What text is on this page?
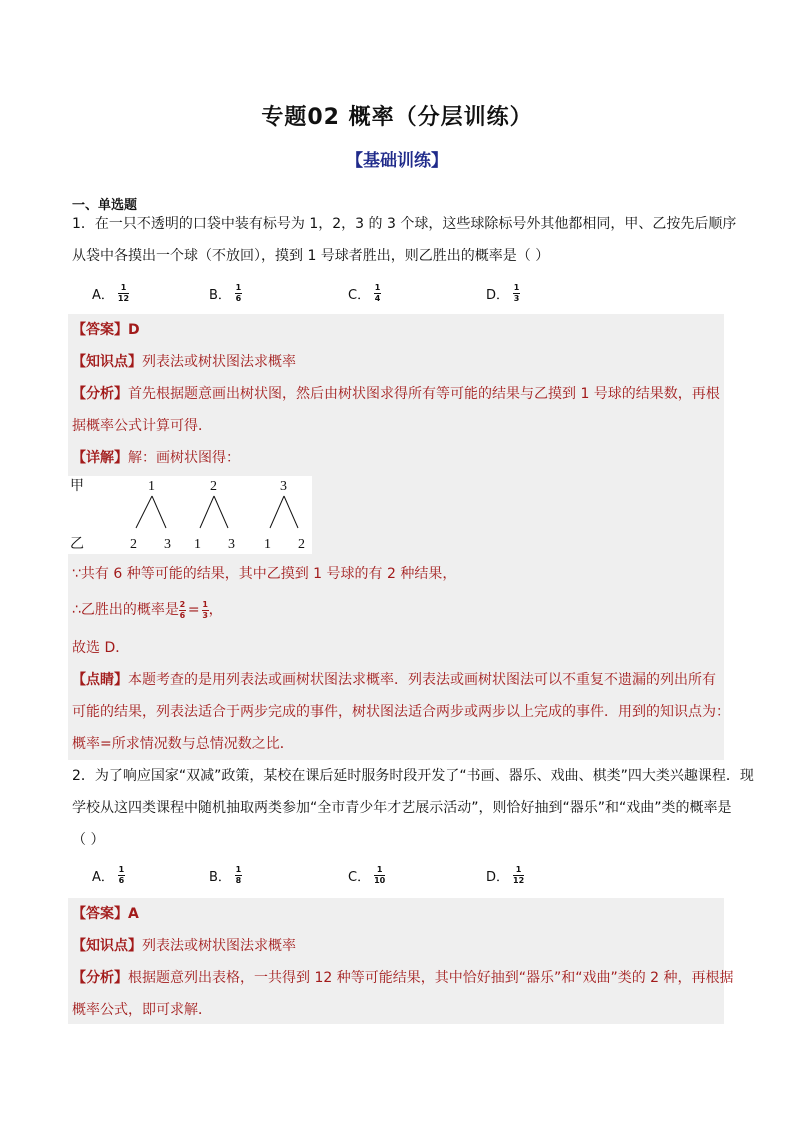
专题02 概率（分层训练）
【基础训练】
一、单选题
1．在一只不透明的口袋中装有标号为 1，2，3 的 3 个球，这些球除标号外其他都相同，甲、乙按先后顺序
从袋中各摸出一个球（不放回），摸到 1 号球者胜出，则乙胜出的概率是（ ）
A． $\frac{1}{12}$	B． $\frac{1}{6}$	C． $\frac{1}{4}$	D． $\frac{1}{3}$
【答案】D
【知识点】列表法或树状图法求概率
【分析】首先根据题意画出树状图，然后由树状图求得所有等可能的结果与乙摸到 1 号球的结果数，再根
据概率公式计算可得．
【详解】解：画树状图得：
甲
乙
1	2	3
2 3 1 3 1 2
∵共有 6 种等可能的结果，其中乙摸到 1 号球的有 2 种结果，
∴乙胜出的概率是 $\frac{2}{6} = \frac{1}{3}$ ，
故选 D．
【点睛】本题考查的是用列表法或画树状图法求概率．列表法或画树状图法可以不重复不遗漏的列出所有
可能的结果，列表法适合于两步完成的事件，树状图法适合两步或两步以上完成的事件．用到的知识点为：
概率=所求情况数与总情况数之比．
2．为了响应国家“双减”政策，某校在课后延时服务时段开发了“书画、器乐、戏曲、棋类”四大类兴趣课程．现
学校从这四类课程中随机抽取两类参加“全市青少年才艺展示活动”，则恰好抽到“器乐”和“戏曲”类的概率是
（ ）
A． $\frac{1}{6}$	B． $\frac{1}{8}$	C． $\frac{1}{10}$	D． $\frac{1}{12}$
【答案】A
【知识点】列表法或树状图法求概率
【分析】根据题意列出表格，一共得到 12 种等可能结果，其中恰好抽到“器乐”和“戏曲”类的 2 种，再根据
概率公式，即可求解．
